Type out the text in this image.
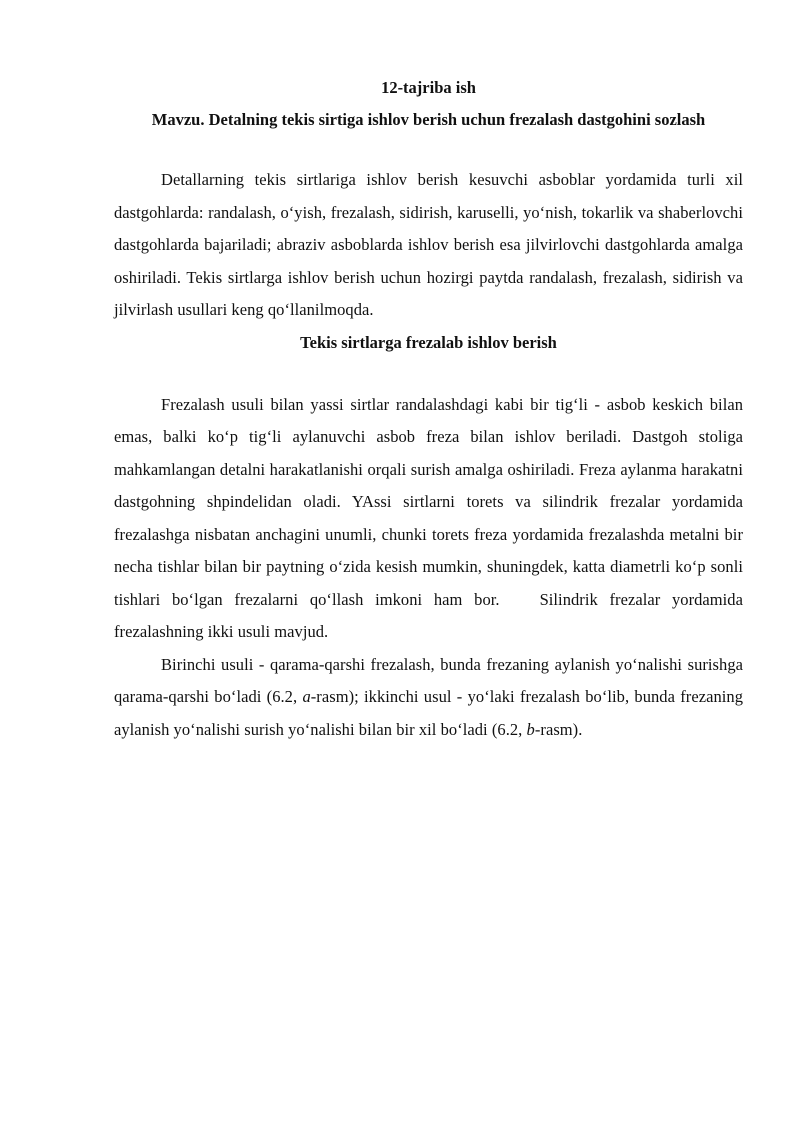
12-tajriba ish

Mavzu. Detalning tekis sirtiga ishlov berish uchun frezalash dastgohini sozlash

Detallarning tekis sirtlariga ishlov berish kesuvchi asboblar yordamida turli xil dastgohlarda: randalash, o‘yish, frezalash, sidirish, karuselli, yo‘nish, tokarlik va shaberlovchi dastgohlarda bajariladi; abraziv asboblarda ishlov berish esa jilvirlovchi dastgohlarda amalga oshiriladi. Tekis sirtlarga ishlov berish uchun hozirgi paytda randalash, frezalash, sidirish va jilvirlash usullari keng qo‘llanilmoqda.

Tekis sirtlarga frezalab ishlov berish

Frezalash usuli bilan yassi sirtlar randalashdagi kabi bir tig‘li - asbob keskich bilan emas, balki ko‘p tig‘li aylanuvchi asbob freza bilan ishlov beriladi. Dastgoh stoliga mahkamlangan detalni harakatlanishi orqali surish amalga oshiriladi. Freza aylanma harakatni dastgohning shpindelidan oladi. YAssi sirtlarni torets va silindrik frezalar yordamida frezalashga nisbatan anchagini unumli, chunki torets freza yordamida frezalashda metalni bir necha tishlar bilan bir paytning o‘zida kesish mumkin, shuningdek, katta diametrli ko‘p sonli tishlari bo‘lgan frezalarni qo‘llash imkoni ham bor. Silindrik frezalar yordamida frezalashning ikki usuli mavjud.

Birinchi usuli - qarama-qarshi frezalash, bunda frezaning aylanish yo‘nalishi surishga qarama-qarshi bo‘ladi (6.2, a-rasm); ikkinchi usul - yo‘laki frezalash bo‘lib, bunda frezaning aylanish yo‘nalishi surish yo‘nalishi bilan bir xil bo‘ladi (6.2, b-rasm).
